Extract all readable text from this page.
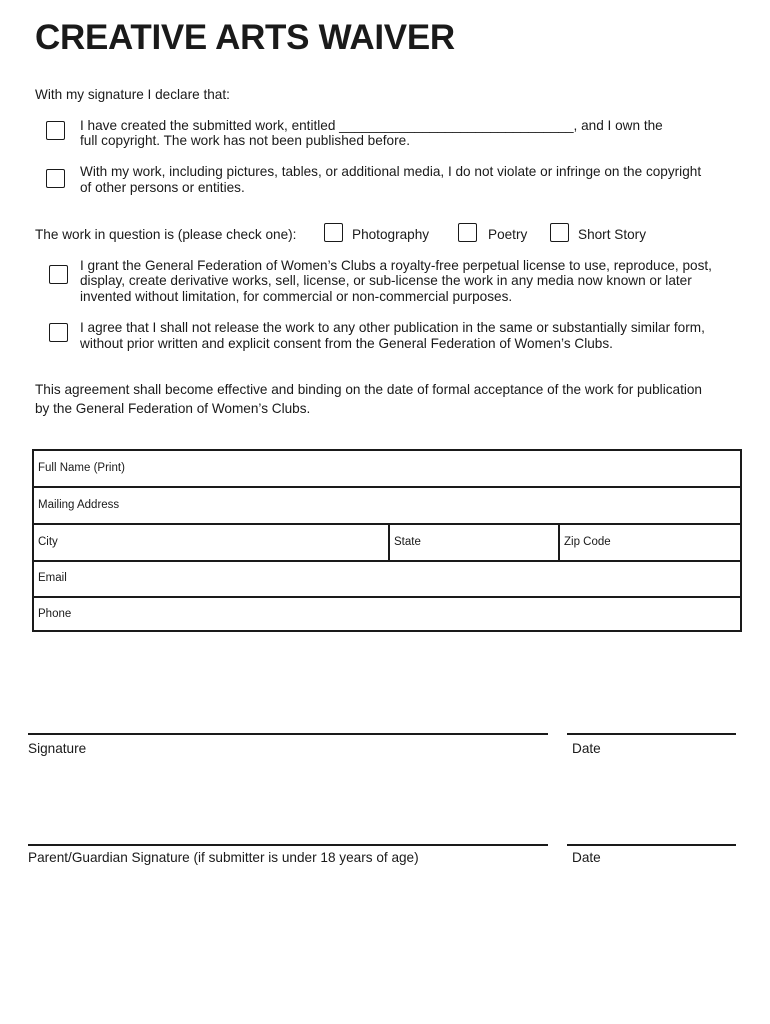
CREATIVE ARTS WAIVER
With my signature I declare that:
I have created the submitted work, entitled _______________________________, and I own the
full copyright. The work has not been published before.
With my work, including pictures, tables, or additional media, I do not violate or infringe on the copyright
of other persons or entities.
The work in question is (please check one):	Photography	Poetry	Short Story
I grant the General Federation of Women’s Clubs a royalty-free perpetual license to use, reproduce, post,
display, create derivative works, sell, license, or sub-license the work in any media now known or later
invented without limitation, for commercial or non-commercial purposes.
I agree that I shall not release the work to any other publication in the same or substantially similar form,
without prior written and explicit consent from the General Federation of Women’s Clubs.
This agreement shall become effective and binding on the date of formal acceptance of the work for publication
by the General Federation of Women’s Clubs.
Full Name (Print)
Mailing Address
City	State	Zip Code
Email
Phone
Signature	Date
Parent/Guardian Signature (if submitter is under 18 years of age)	Date
